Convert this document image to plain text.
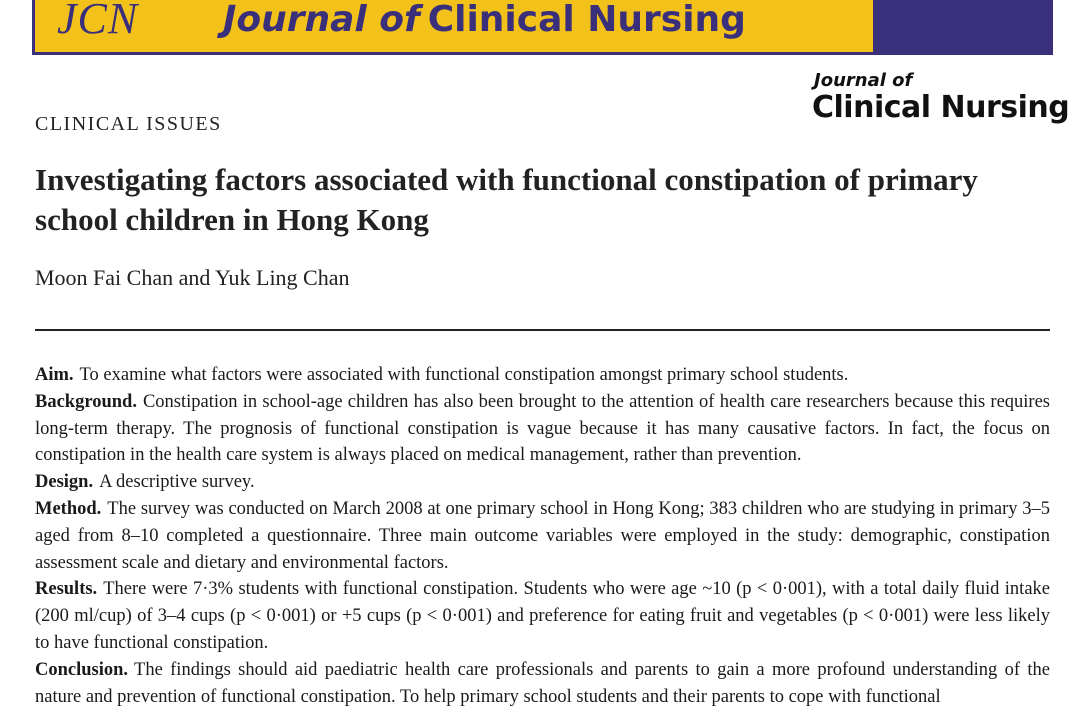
JCN Journal of Clinical Nursing
Journal of
Clinical Nursing
CLINICAL ISSUES
Investigating factors associated with functional constipation of primary school children in Hong Kong
Moon Fai Chan and Yuk Ling Chan

Aim. To examine what factors were associated with functional constipation amongst primary school students.

Background. Constipation in school-age children has also been brought to the attention of health care researchers because this requires long-term therapy. The prognosis of functional constipation is vague because it has many causative factors. In fact, the focus on constipation in the health care system is always placed on medical management, rather than prevention.

Design. A descriptive survey.

Method. The survey was conducted on March 2008 at one primary school in Hong Kong; 383 children who are studying in primary 3–5 aged from 8–10 completed a questionnaire. Three main outcome variables were employed in the study: demographic, constipation assessment scale and dietary and environmental factors.

Results. There were 7·3% students with functional constipation. Students who were age ~10 (p < 0·001), with a total daily fluid intake (200 ml/cup) of 3–4 cups (p < 0·001) or +5 cups (p < 0·001) and preference for eating fruit and vegetables (p < 0·001) were less likely to have functional constipation.

Conclusion. The findings should aid paediatric health care professionals and parents to gain a more profound understanding of the nature and prevention of functional constipation. To help primary school students and their parents to cope with functional
